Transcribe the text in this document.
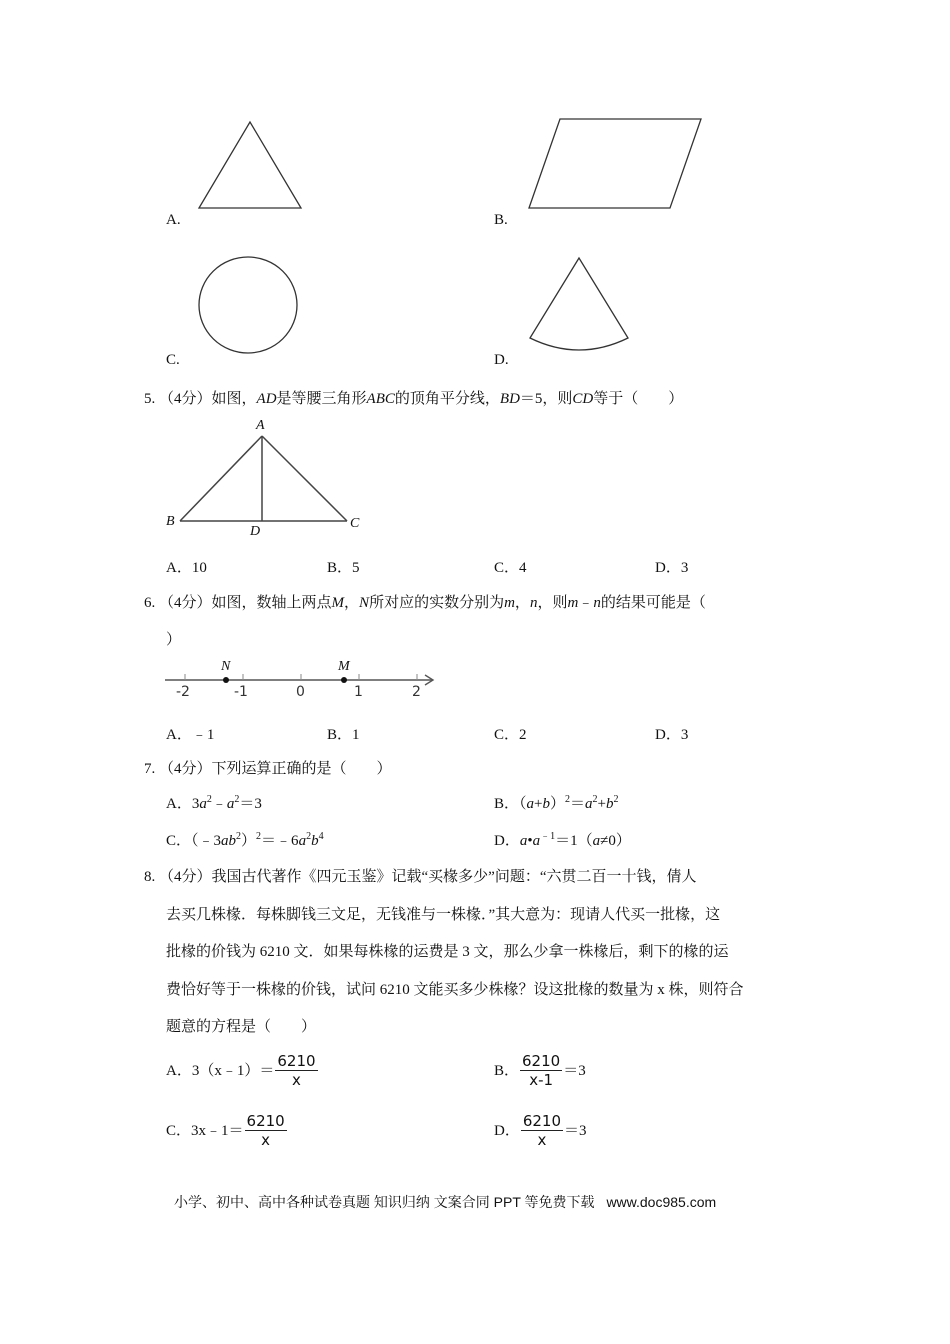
A.	B.
C.	D.
5. （4分）如图，AD是等腰三角形ABC的顶角平分线，BD＝5，则CD等于（　　）
A
B	C
D
A．10	B．5	C．4	D．3
6. （4分）如图，数轴上两点M，N所对应的实数分别为m，n，则m﹣n的结果可能是（
）
N	M
-2	-1	0	1	2
A．﹣1	B．1	C．2	D．3
7. （4分）下列运算正确的是（　　）
A．$3a^2﹣a^2=3$	B．$(a+b)^2=a^2+b^2$
C．$(﹣3ab^2)^2=﹣6a^2b^4$	D．$a•a^{﹣1}=1(a\ne 0)$
8. （4分）我国古代著作《四元玉鉴》记载“买椽多少”问题：“六贯二百一十钱，倩人
去买几株椽．每株脚钱三文足，无钱准与一株椽．”其大意为：现请人代买一批椽，这
批椽的价钱为 6210 文．如果每株椽的运费是 3 文，那么少拿一株椽后，剩下的椽的运
费恰好等于一株椽的价钱，试问 6210 文能买多少株椽？设这批椽的数量为 x 株，则符合
题意的方程是（　　）
A． 3（x﹣1）＝ $\frac{6210}{x}$	B． $\frac{6210}{x-1} =3$
C． 3x﹣1＝ $\frac{6210}{x}$	D． $\frac{6210}{x} =3$
小学、初中、高中各种试卷真题 知识归纳 文案合同 PPT 等免费下载 www.doc985.com
